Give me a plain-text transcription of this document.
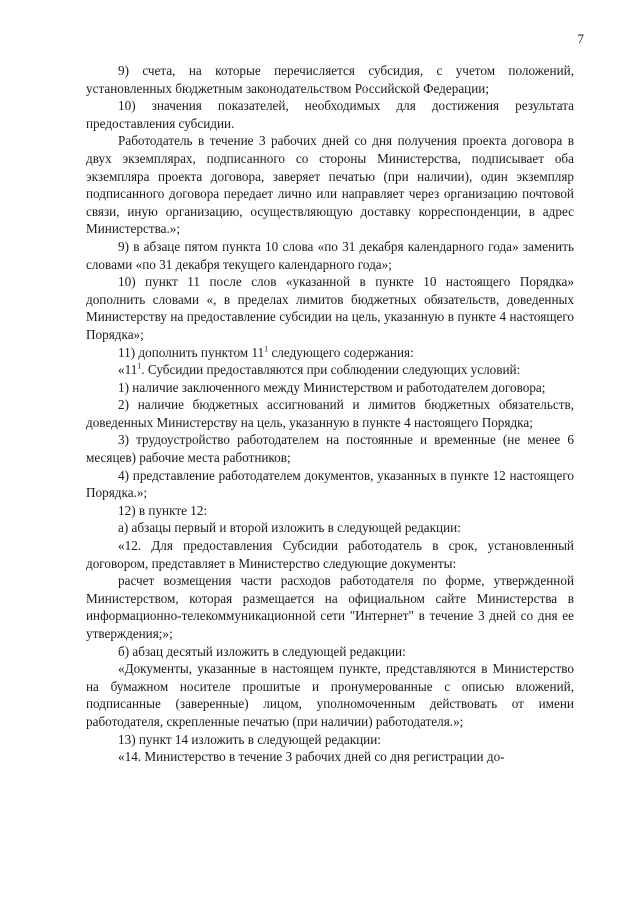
7

9) счета, на которые перечисляется субсидия, с учетом положений, установленных бюджетным законодательством Российской Федерации;

10) значения показателей, необходимых для достижения результата предоставления субсидии.

Работодатель в течение 3 рабочих дней со дня получения проекта договора в двух экземплярах, подписанного со стороны Министерства, подписывает оба экземпляра проекта договора, заверяет печатью (при наличии), один экземпляр подписанного договора передает лично или направляет через организацию почтовой связи, иную организацию, осуществляющую доставку корреспонденции, в адрес Министерства.»;

9) в абзаце пятом пункта 10 слова «по 31 декабря календарного года» заменить словами «по 31 декабря текущего календарного года»;

10) пункт 11 после слов «указанной в пункте 10 настоящего Порядка» дополнить словами «, в пределах лимитов бюджетных обязательств, доведенных Министерству на предоставление субсидии на цель, указанную в пункте 4 настоящего Порядка»;

11) дополнить пунктом $11^1$ следующего содержания:

«$11^1$. Субсидии предоставляются при соблюдении следующих условий:

1) наличие заключенного между Министерством и работодателем договора;

2) наличие бюджетных ассигнований и лимитов бюджетных обязательств, доведенных Министерству на цель, указанную в пункте 4 настоящего Порядка;

3) трудоустройство работодателем на постоянные и временные (не менее 6 месяцев) рабочие места работников;

4) представление работодателем документов, указанных в пункте 12 настоящего Порядка.»;

12) в пункте 12:

а) абзацы первый и второй изложить в следующей редакции:

«12. Для предоставления Субсидии работодатель в срок, установленный договором, представляет в Министерство следующие документы:

расчет возмещения части расходов работодателя по форме, утвержденной Министерством, которая размещается на официальном сайте Министерства в информационно-телекоммуникационной сети "Интернет" в течение 3 дней со дня ее утверждения;»;

б) абзац десятый изложить в следующей редакции:

«Документы, указанные в настоящем пункте, представляются в Министерство на бумажном носителе прошитые и пронумерованные с описью вложений, подписанные (заверенные) лицом, уполномоченным действовать от имени работодателя, скрепленные печатью (при наличии) работодателя.»;

13) пункт 14 изложить в следующей редакции:

«14. Министерство в течение 3 рабочих дней со дня регистрации до-
